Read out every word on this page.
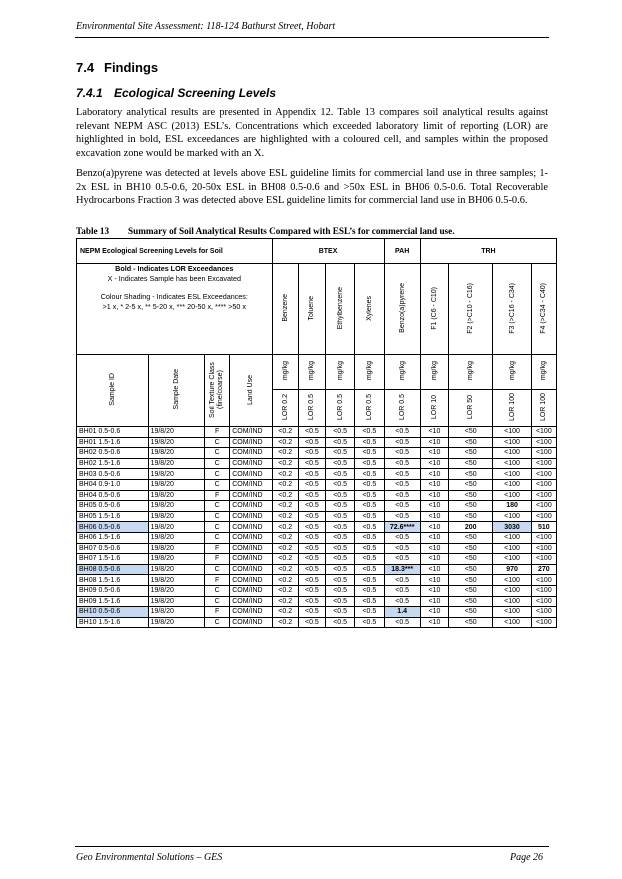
Environmental Site Assessment: 118-124 Bathurst Street, Hobart
7.4 Findings
7.4.1 Ecological Screening Levels
Laboratory analytical results are presented in Appendix 12. Table 13 compares soil analytical results against relevant NEPM ASC (2013) ESL’s. Concentrations which exceeded laboratory limit of reporting (LOR) are highlighted in bold, ESL exceedances are highlighted with a coloured cell, and samples within the proposed excavation zone would be marked with an X.
Benzo(a)pyrene was detected at levels above ESL guideline limits for commercial land use in three samples; 1-2x ESL in BH10 0.5-0.6, 20-50x ESL in BH08 0.5-0.6 and >50x ESL in BH06 0.5-0.6. Total Recoverable Hydrocarbons Fraction 3 was detected above ESL guideline limits for commercial land use in BH06 0.5-0.6.
Table 13 Summary of Soil Analytical Results Compared with ESL’s for commercial land use.
NEPM Ecological Screening Levels for Soil				BTEX				PAH	TRH			

Bold - Indicates LOR Exceedances
X - Indicates Sample has been Excavated
Colour Shading - Indicates ESL Exceedances:
>1 x, * 2-5 x, ** 5-20 x, *** 20-50 x, **** >50 x				Benzene	Toluene	Ethylbenzene	Xylenes	Benzo(a)pyrene	F1 (C6 - C10)	F2 (>C10 - C16)	F3 (>C16 - C34)	F4 (>C34 - C40)
Sample ID	Sample Date	Soil Texture Class (fine/coarse)	Land Use	mg/kg	mg/kg	mg/kg	mg/kg	mg/kg	mg/kg	mg/kg	mg/kg	mg/kg
				LOR 0.2	LOR 0.5	LOR 0.5	LOR 0.5	LOR 0.5	LOR 10	LOR 50	LOR 100	LOR 100
BH01 0.5-0.6	19/8/20	F	COM/IND	<0.2	<0.5	<0.5	<0.5	<0.5	<10	<50	<100	<100
BH01 1.5-1.6	19/8/20	C	COM/IND	<0.2	<0.5	<0.5	<0.5	<0.5	<10	<50	<100	<100
BH02 0.5-0.6	19/8/20	C	COM/IND	<0.2	<0.5	<0.5	<0.5	<0.5	<10	<50	<100	<100
BH02 1.5-1.6	19/8/20	C	COM/IND	<0.2	<0.5	<0.5	<0.5	<0.5	<10	<50	<100	<100
BH03 0.5-0.6	19/8/20	C	COM/IND	<0.2	<0.5	<0.5	<0.5	<0.5	<10	<50	<100	<100
BH04 0.9-1.0	19/8/20	C	COM/IND	<0.2	<0.5	<0.5	<0.5	<0.5	<10	<50	<100	<100
BH04 0.5-0.6	19/8/20	F	COM/IND	<0.2	<0.5	<0.5	<0.5	<0.5	<10	<50	<100	<100
BH05 0.5-0.6	19/8/20	C	COM/IND	<0.2	<0.5	<0.5	<0.5	<0.5	<10	<50	180	<100
BH05 1.5-1.6	19/8/20	C	COM/IND	<0.2	<0.5	<0.5	<0.5	<0.5	<10	<50	<100	<100
BH06 0.5-0.6	19/8/20	C	COM/IND	<0.2	<0.5	<0.5	<0.5	72.6****	<10	200	3030	510
BH06 1.5-1.6	19/8/20	C	COM/IND	<0.2	<0.5	<0.5	<0.5	<0.5	<10	<50	<100	<100
BH07 0.5-0.6	19/8/20	F	COM/IND	<0.2	<0.5	<0.5	<0.5	<0.5	<10	<50	<100	<100
BH07 1.5-1.6	19/8/20	F	COM/IND	<0.2	<0.5	<0.5	<0.5	<0.5	<10	<50	<100	<100
BH08 0.5-0.6	19/8/20	C	COM/IND	<0.2	<0.5	<0.5	<0.5	18.3***	<10	<50	970	270
BH08 1.5-1.6	19/8/20	F	COM/IND	<0.2	<0.5	<0.5	<0.5	<0.5	<10	<50	<100	<100
BH09 0.5-0.6	19/8/20	C	COM/IND	<0.2	<0.5	<0.5	<0.5	<0.5	<10	<50	<100	<100
BH09 1.5-1.6	19/8/20	C	COM/IND	<0.2	<0.5	<0.5	<0.5	<0.5	<10	<50	<100	<100
BH10 0.5-0.6	19/8/20	F	COM/IND	<0.2	<0.5	<0.5	<0.5	1.4	<10	<50	<100	<100
BH10 1.5-1.6	19/8/20	C	COM/IND	<0.2	<0.5	<0.5	<0.5	<0.5	<10	<50	<100	<100
Geo Environmental Solutions – GES	Page 26
